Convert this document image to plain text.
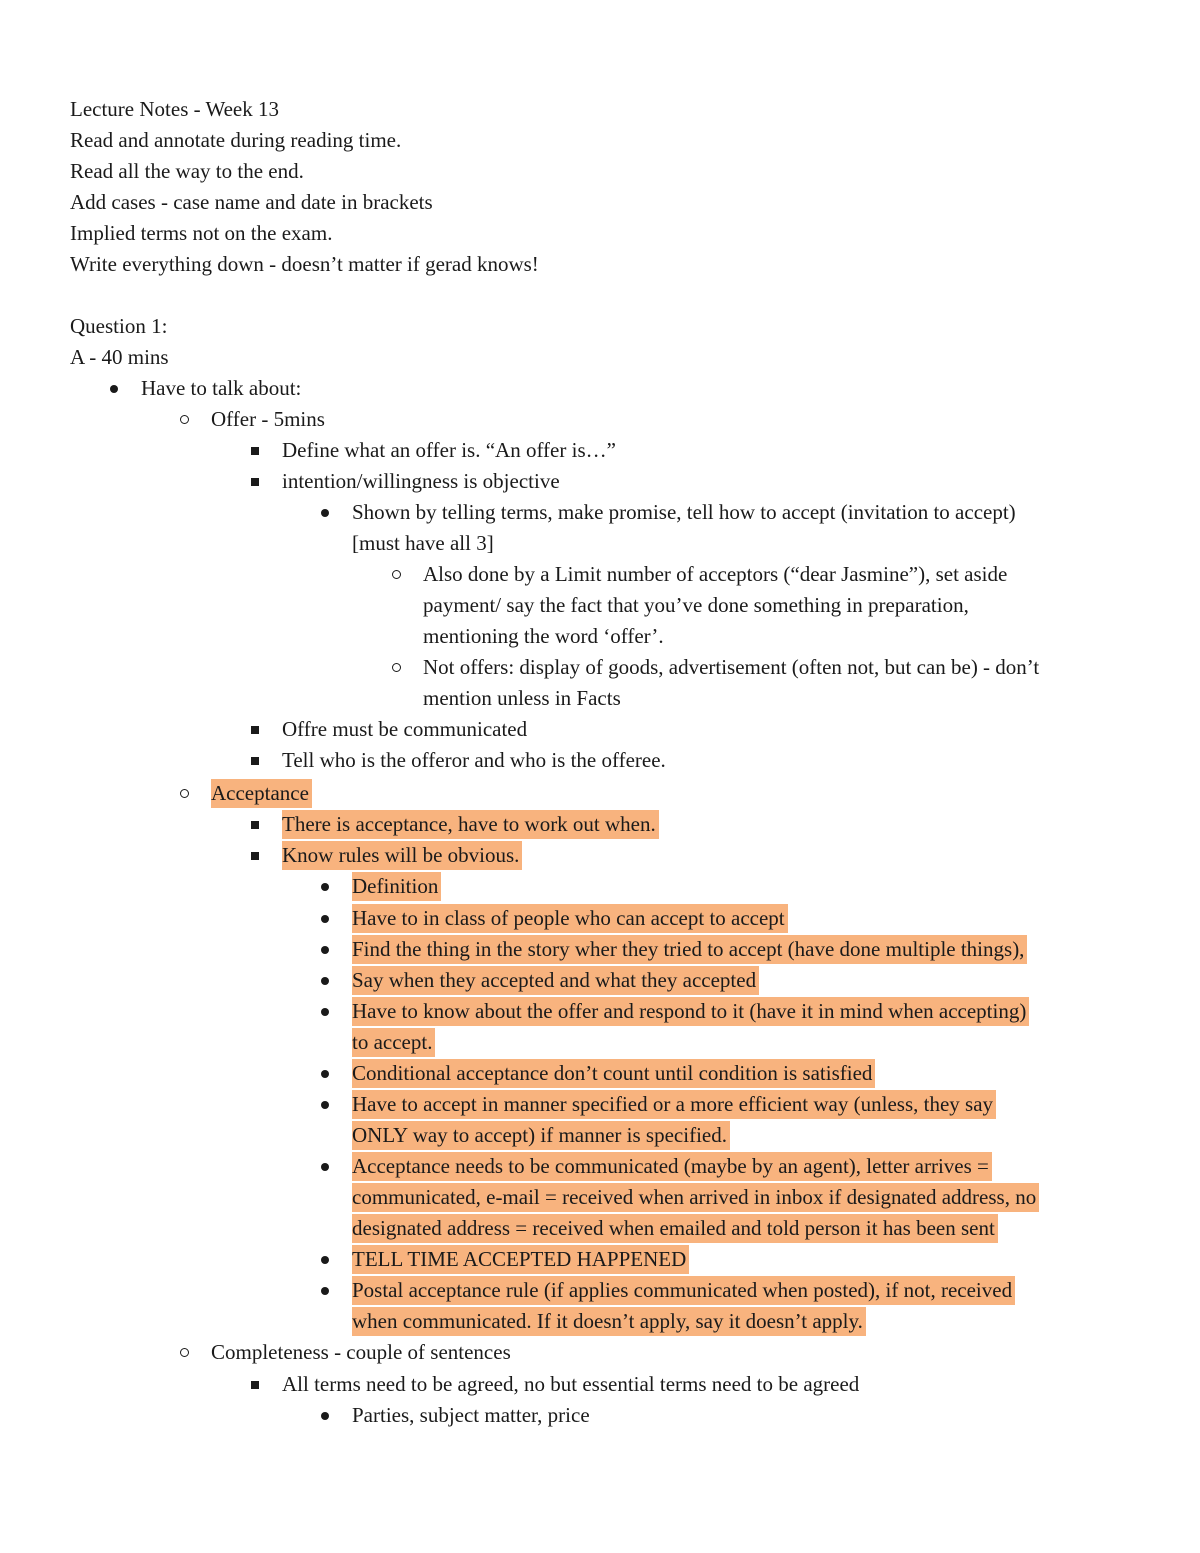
Lecture Notes - Week 13
Read and annotate during reading time.
Read all the way to the end.
Add cases - case name and date in brackets
Implied terms not on the exam.
Write everything down - doesn’t matter if gerad knows!
Question 1:
A - 40 mins
Have to talk about:
Offer - 5mins
Define what an offer is. “An offer is…”
intention/willingness is objective
Shown by telling terms, make promise, tell how to accept (invitation to accept)
[must have all 3]
Also done by a Limit number of acceptors (“dear Jasmine”), set aside
payment/ say the fact that you’ve done something in preparation,
mentioning the word ‘offer’.
Not offers: display of goods, advertisement (often not, but can be) - don’t
mention unless in Facts
Offre must be communicated
Tell who is the offeror and who is the offeree.
Acceptance
There is acceptance, have to work out when.
Know rules will be obvious.
Definition
Have to in class of people who can accept to accept
Find the thing in the story wher they tried to accept (have done multiple things),
Say when they accepted and what they accepted
Have to know about the offer and respond to it (have it in mind when accepting)
to accept.
Conditional acceptance don’t count until condition is satisfied
Have to accept in manner specified or a more efficient way (unless, they say
ONLY way to accept) if manner is specified.
Acceptance needs to be communicated (maybe by an agent), letter arrives =
communicated, e-mail = received when arrived in inbox if designated address, no
designated address = received when emailed and told person it has been sent
TELL TIME ACCEPTED HAPPENED
Postal acceptance rule (if applies communicated when posted), if not, received
when communicated. If it doesn’t apply, say it doesn’t apply.
Completeness - couple of sentences
All terms need to be agreed, no but essential terms need to be agreed
Parties, subject matter, price
